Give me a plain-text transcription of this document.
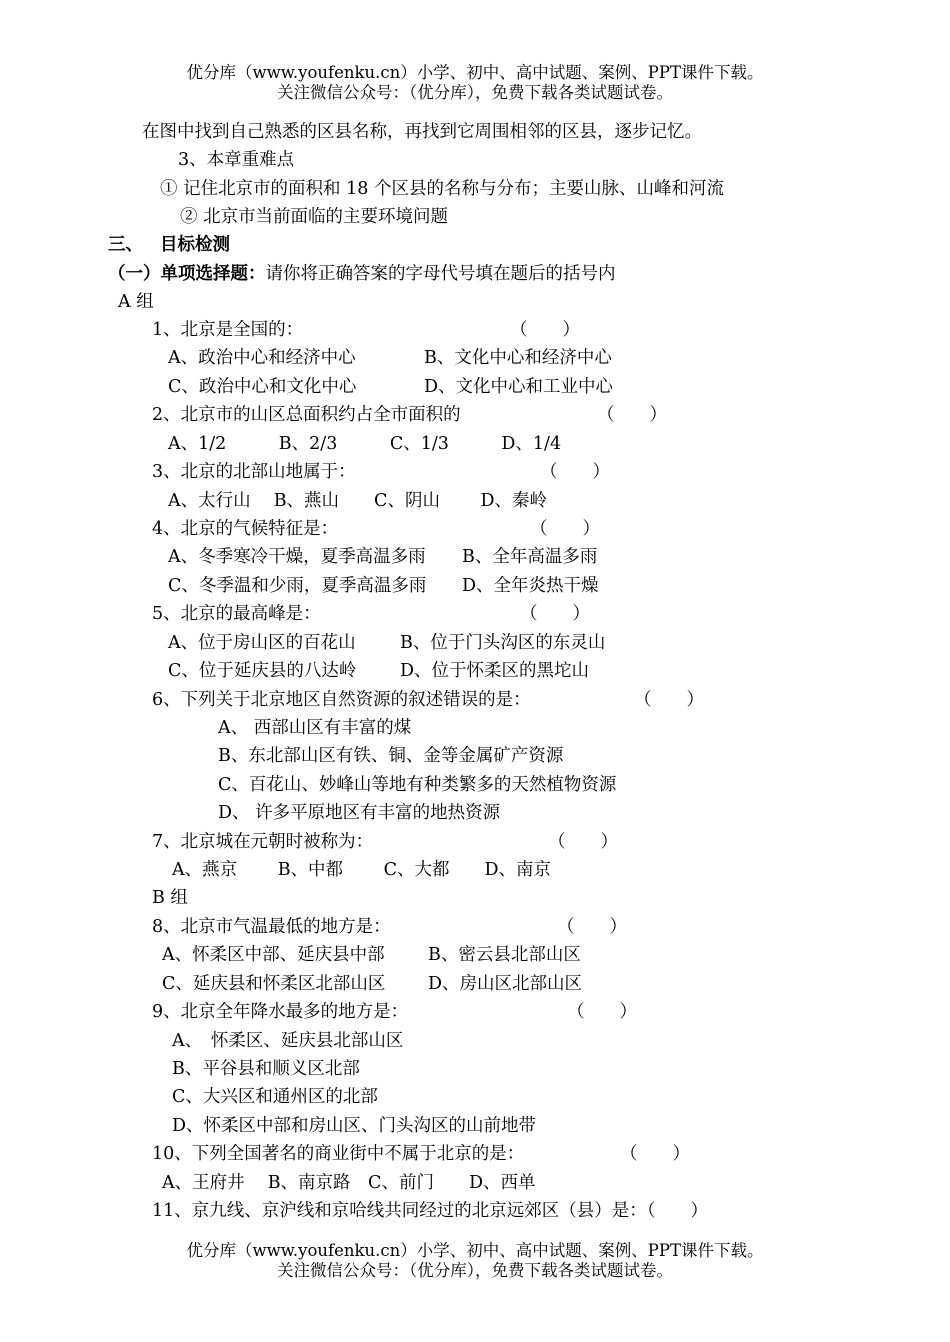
优分库（www.youfenku.cn）小学、初中、高中试题、案例、PPT课件下载。
关注微信公众号：（优分库），免费下载各类试题试卷。
在图中找到自己熟悉的区县名称，再找到它周围相邻的区县，逐步记忆。
3、本章重难点
① 记住北京市的面积和 18 个区县的名称与分布；主要山脉、山峰和河流
② 北京市当前面临的主要环境问题
三、 目标检测
（一）单项选择题：请你将正确答案的字母代号填在题后的括号内
A 组
1、北京是全国的：	（　　）
A、政治中心和经济中心	B、文化中心和经济中心
C、政治中心和文化中心	D、文化中心和工业中心
2、北京市的山区总面积约占全市面积的	（　　）
A、1/2　　　B、2/3　　　C、1/3　　　D、1/4
3、北京的北部山地属于：	（　　）
A、太行山　 B、燕山　　C、阴山　　 D、秦岭
4、北京的气候特征是：	（　　）
A、冬季寒冷干燥，夏季高温多雨 B、全年高温多雨
C、冬季温和少雨，夏季高温多雨 D、全年炎热干燥
5、北京的最高峰是：	（　　）
A、位于房山区的百花山	B、位于门头沟区的东灵山
C、位于延庆县的八达岭 D、位于怀柔区的黑坨山
6、下列关于北京地区自然资源的叙述错误的是：	（　　）
A、 西部山区有丰富的煤
B、东北部山区有铁、铜、金等金属矿产资源
C、百花山、妙峰山等地有种类繁多的天然植物资源
D、 许多平原地区有丰富的地热资源
7、北京城在元朝时被称为：	（　　）
A、燕京　　 B、中都　　 C、大都　　D、南京
B 组
8、北京市气温最低的地方是：	（　　）
A、怀柔区中部、延庆县中部 B、密云县北部山区
C、延庆县和怀柔区北部山区 D、房山区北部山区
9、北京全年降水最多的地方是：	（　　）
A、　怀柔区、延庆县北部山区
B、平谷县和顺义区北部
C、大兴区和通州区的北部
D、怀柔区中部和房山区、门头沟区的山前地带
10、下列全国著名的商业街中不属于北京的是：	（　　）
A、王府井　 B、南京路　C、前门　　D、西单
11、京九线、京沪线和京哈线共同经过的北京远郊区（县）是：（　　）
优分库（www.youfenku.cn）小学、初中、高中试题、案例、PPT课件下载。
关注微信公众号：（优分库），免费下载各类试题试卷。
